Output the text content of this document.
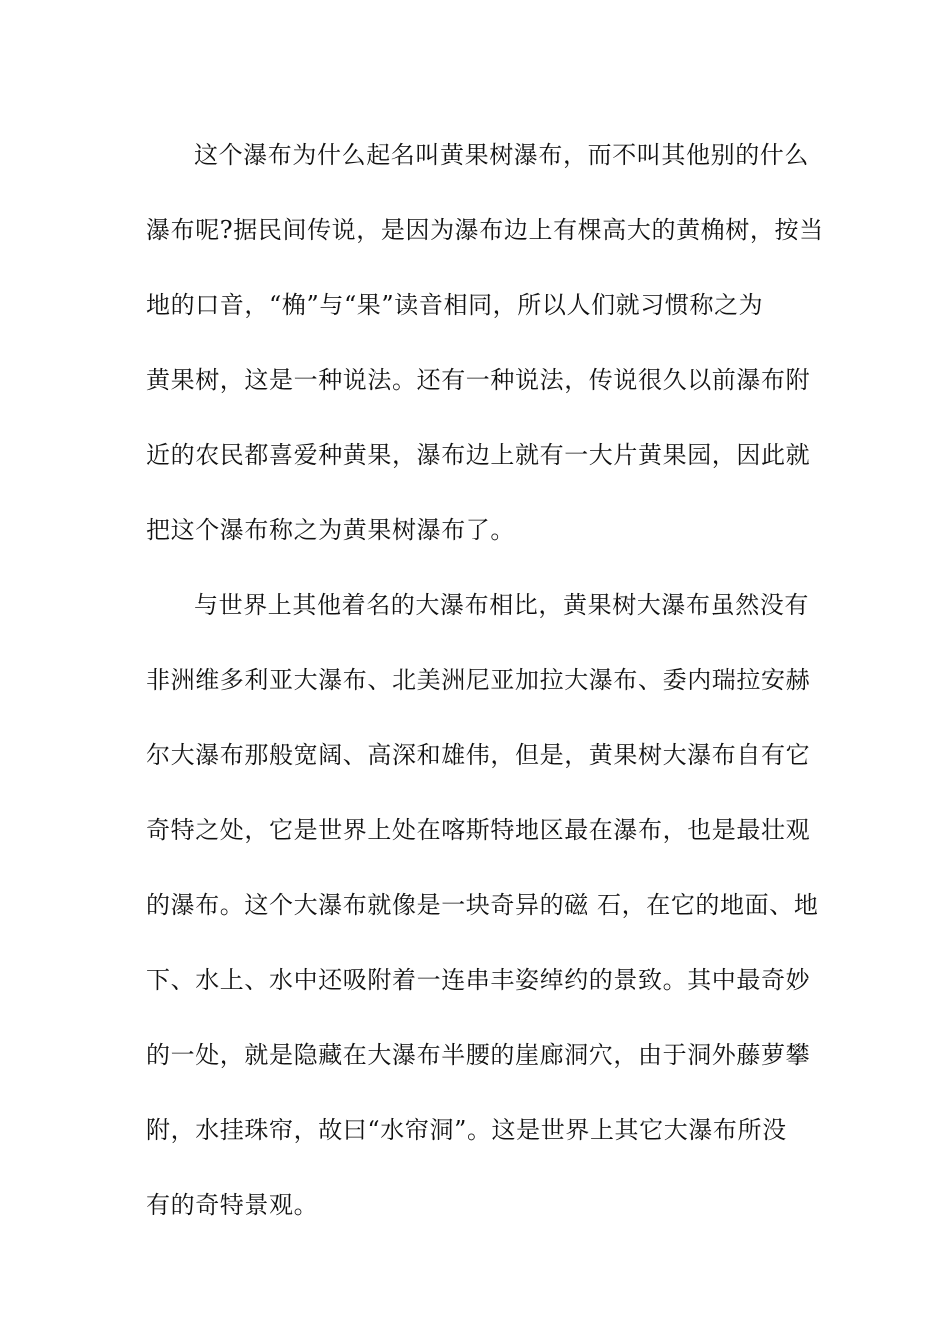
这个瀑布为什么起名叫黄果树瀑布，而不叫其他别的什么
瀑布呢?据民间传说，是因为瀑布边上有棵高大的黄桷树，按当
地的口音，“桷”与“果”读音相同，所以人们就习惯称之为
黄果树，这是一种说法。还有一种说法，传说很久以前瀑布附
近的农民都喜爱种黄果，瀑布边上就有一大片黄果园，因此就
把这个瀑布称之为黄果树瀑布了。
与世界上其他着名的大瀑布相比，黄果树大瀑布虽然没有
非洲维多利亚大瀑布、北美洲尼亚加拉大瀑布、委内瑞拉安赫
尔大瀑布那般宽阔、高深和雄伟，但是，黄果树大瀑布自有它
奇特之处，它是世界上处在喀斯特地区最在瀑布，也是最壮观
的瀑布。这个大瀑布就像是一块奇异的磁 石，在它的地面、地
下、水上、水中还吸附着一连串丰姿绰约的景致。其中最奇妙
的一处，就是隐藏在大瀑布半腰的崖廊洞穴，由于洞外藤萝攀
附，水挂珠帘，故曰“水帘洞”。这是世界上其它大瀑布所没
有的奇特景观。
